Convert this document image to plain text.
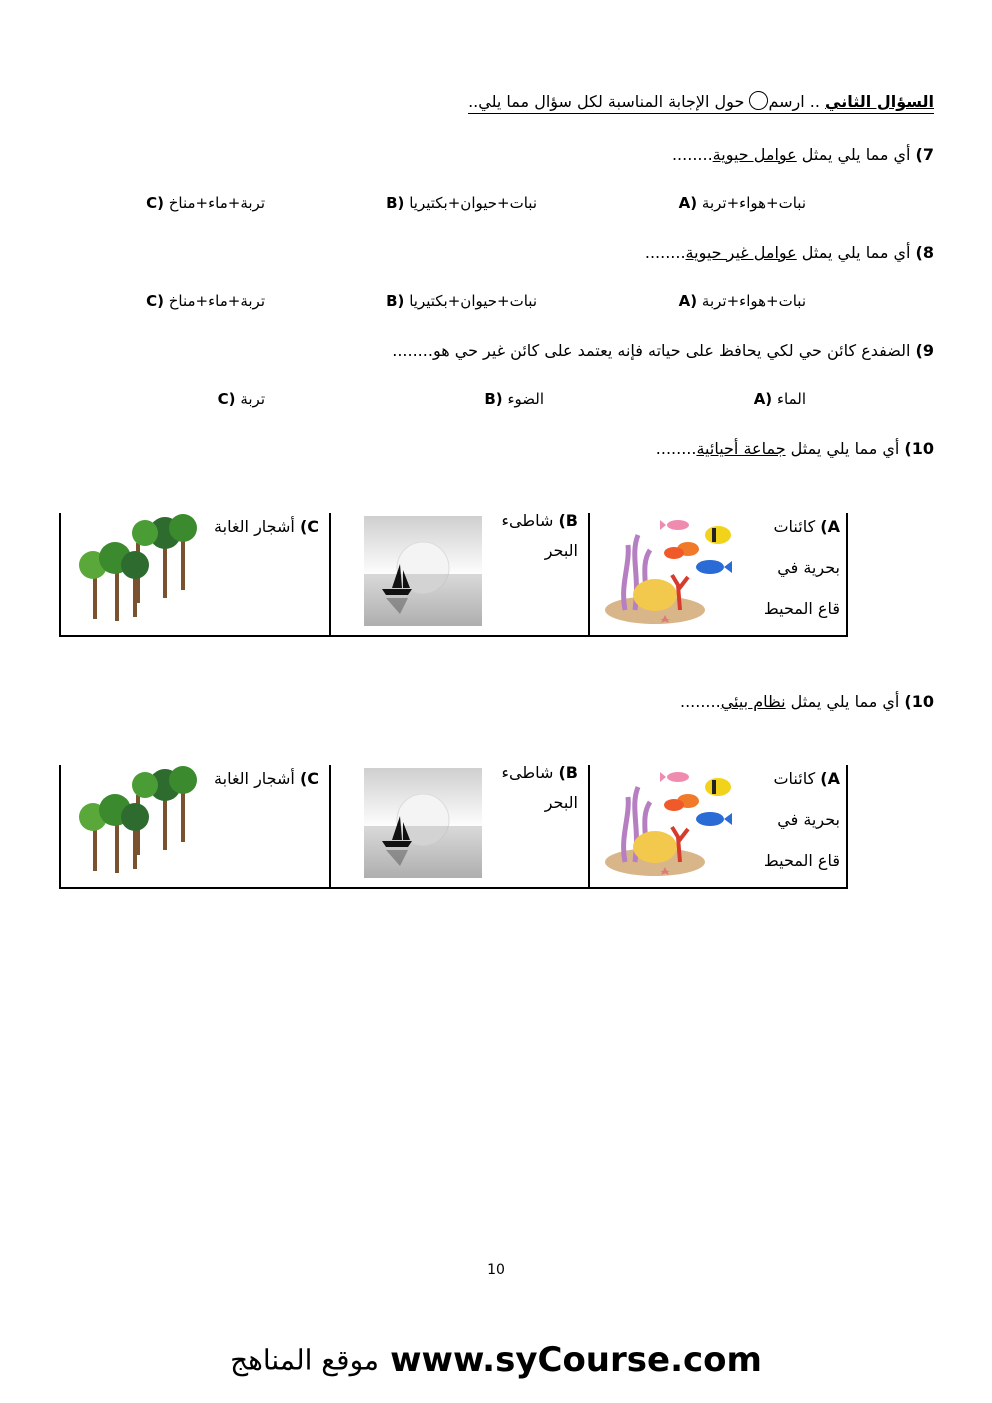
السؤال الثاني .. ارسم حول الإجابة المناسبة لكل سؤال مما يلي..
7) أي مما يلي يمثل عوامل حيوية........
A) نبات+هواء+تربة
B) نبات+حيوان+بكتيريا
C) تربة+ماء+مناخ
8) أي مما يلي يمثل عوامل غير حيوية........
A) نبات+هواء+تربة
B) نبات+حيوان+بكتيريا
C) تربة+ماء+مناخ
9) الضفدع كائن حي لكي يحافظ على حياته فإنه يعتمد على كائن غير حي هو........
A) الماء
B) الضوء
C) تربة
10) أي مما يلي يمثل جماعة أحيائية........
A) كائنات
بحرية في
قاع المحيط
B) شاطىء
البحر
C) أشجار الغابة
10) أي مما يلي يمثل نظام بيئي........
A) كائنات
بحرية في
قاع المحيط
B) شاطىء
البحر
C) أشجار الغابة
10
موقع المناهج www.syCourse.com
